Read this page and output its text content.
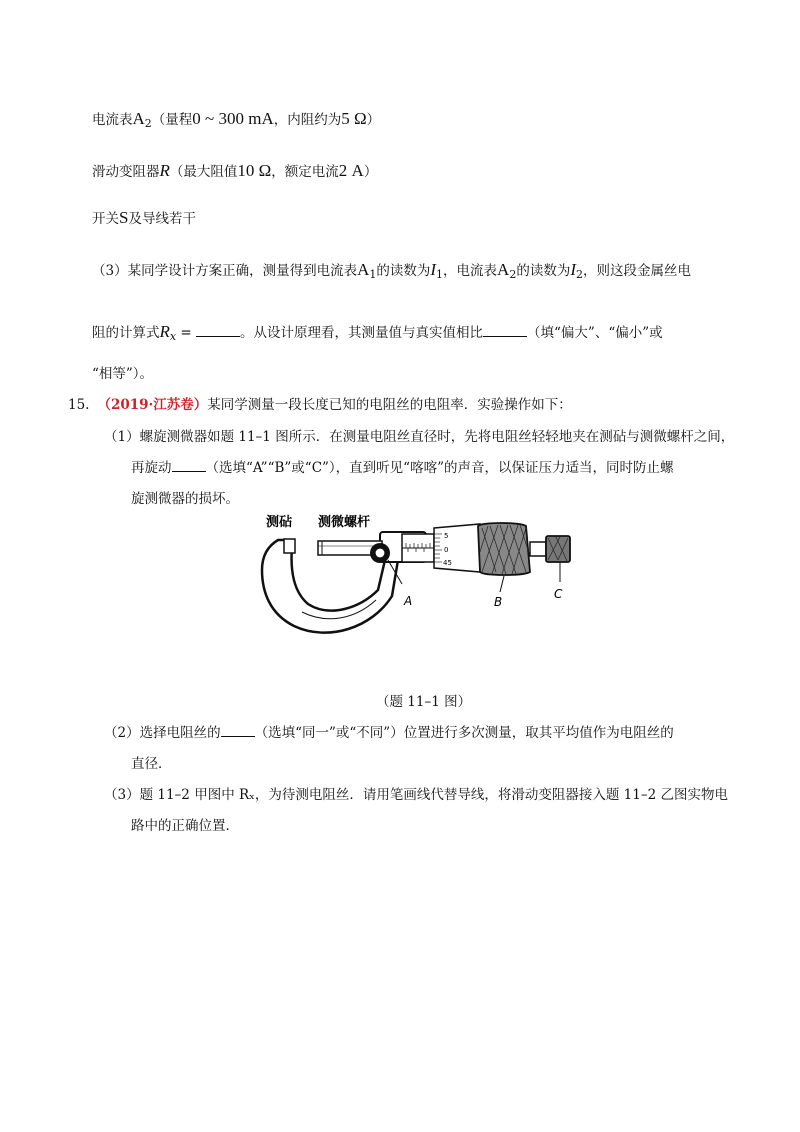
电流表$A_2$（量程0 ~ 300 mA，内阻约为5 Ω）
滑动变阻器R（最大阻值10 Ω，额定电流2 A）
开关S及导线若干
（3）某同学设计方案正确，测量得到电流表$A_1$的读数为$I_1$，电流表$A_2$的读数为$I_2$，则这段金属丝电
阻的计算式$R_x$ =	。从设计原理看，其测量值与真实值相比	（填“偏大”、“偏小”或
“相等”）。
15. （2019·江苏卷）某同学测量一段长度已知的电阻丝的电阻率．实验操作如下：
（1）螺旋测微器如题 11–1 图所示．在测量电阻丝直径时，先将电阻丝轻轻地夹在测砧与测微螺杆之间，
再旋动	（选填“A”“B”或“C”），直到听见“喀喀”的声音，以保证压力适当，同时防止螺
旋测微器的损坏。
5
0
45
测砧 测微螺杆
A	B
C
（题 11–1 图）
（2）选择电阻丝的	（选填“同一”或“不同”）位置进行多次测量，取其平均值作为电阻丝的
直径．
（3）题 11–2 甲图中 Rₓ，为待测电阻丝．请用笔画线代替导线，将滑动变阻器接入题 11–2 乙图实物电
路中的正确位置．
